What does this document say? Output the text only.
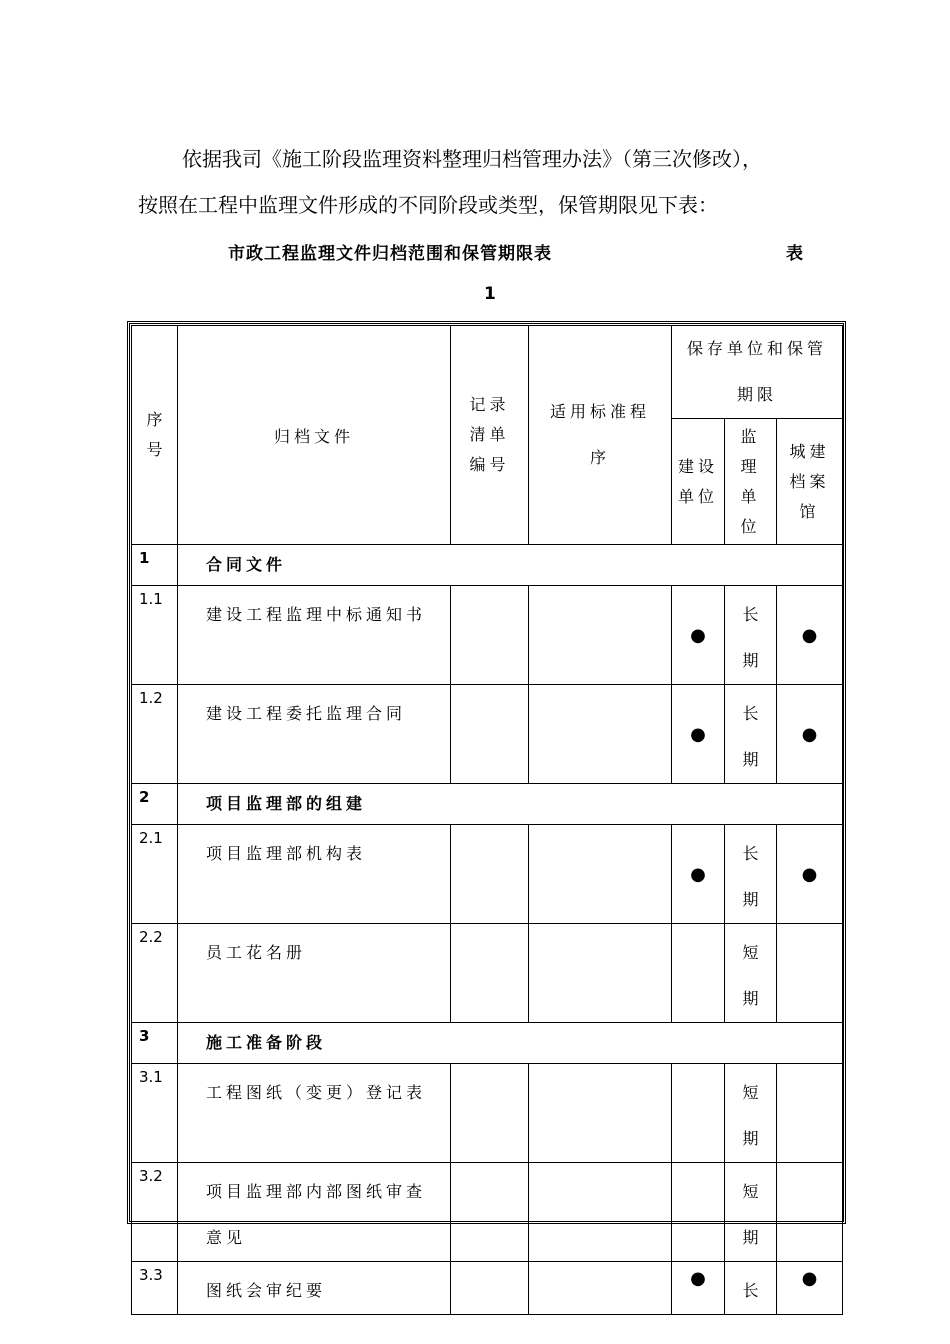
依据我司《施工阶段监理资料整理归档管理办法》（第三次修改），
按照在工程中监理文件形成的不同阶段或类型，保管期限见下表：
市政工程监理文件归档范围和保管期限表	表
1
序号	归档文件	记录清单编号	适用标准程序	保存单位和保管期限		

				建设单位	监理单位	城建档案馆

1	合同文件					
1.1	建设工程监理中标通知书			●	长期	●
1.2	建设工程委托监理合同			●	长期	●
2	项目监理部的组建					
2.1	项目监理部机构表			●	长期	●
2.2	员工花名册				短期	

3	施工准备阶段					
3.1	工程图纸（变更）登记表				短期	

3.2	项目监理部内部图纸审查意见				短期	

3.3	图纸会审纪要			●	长	●
